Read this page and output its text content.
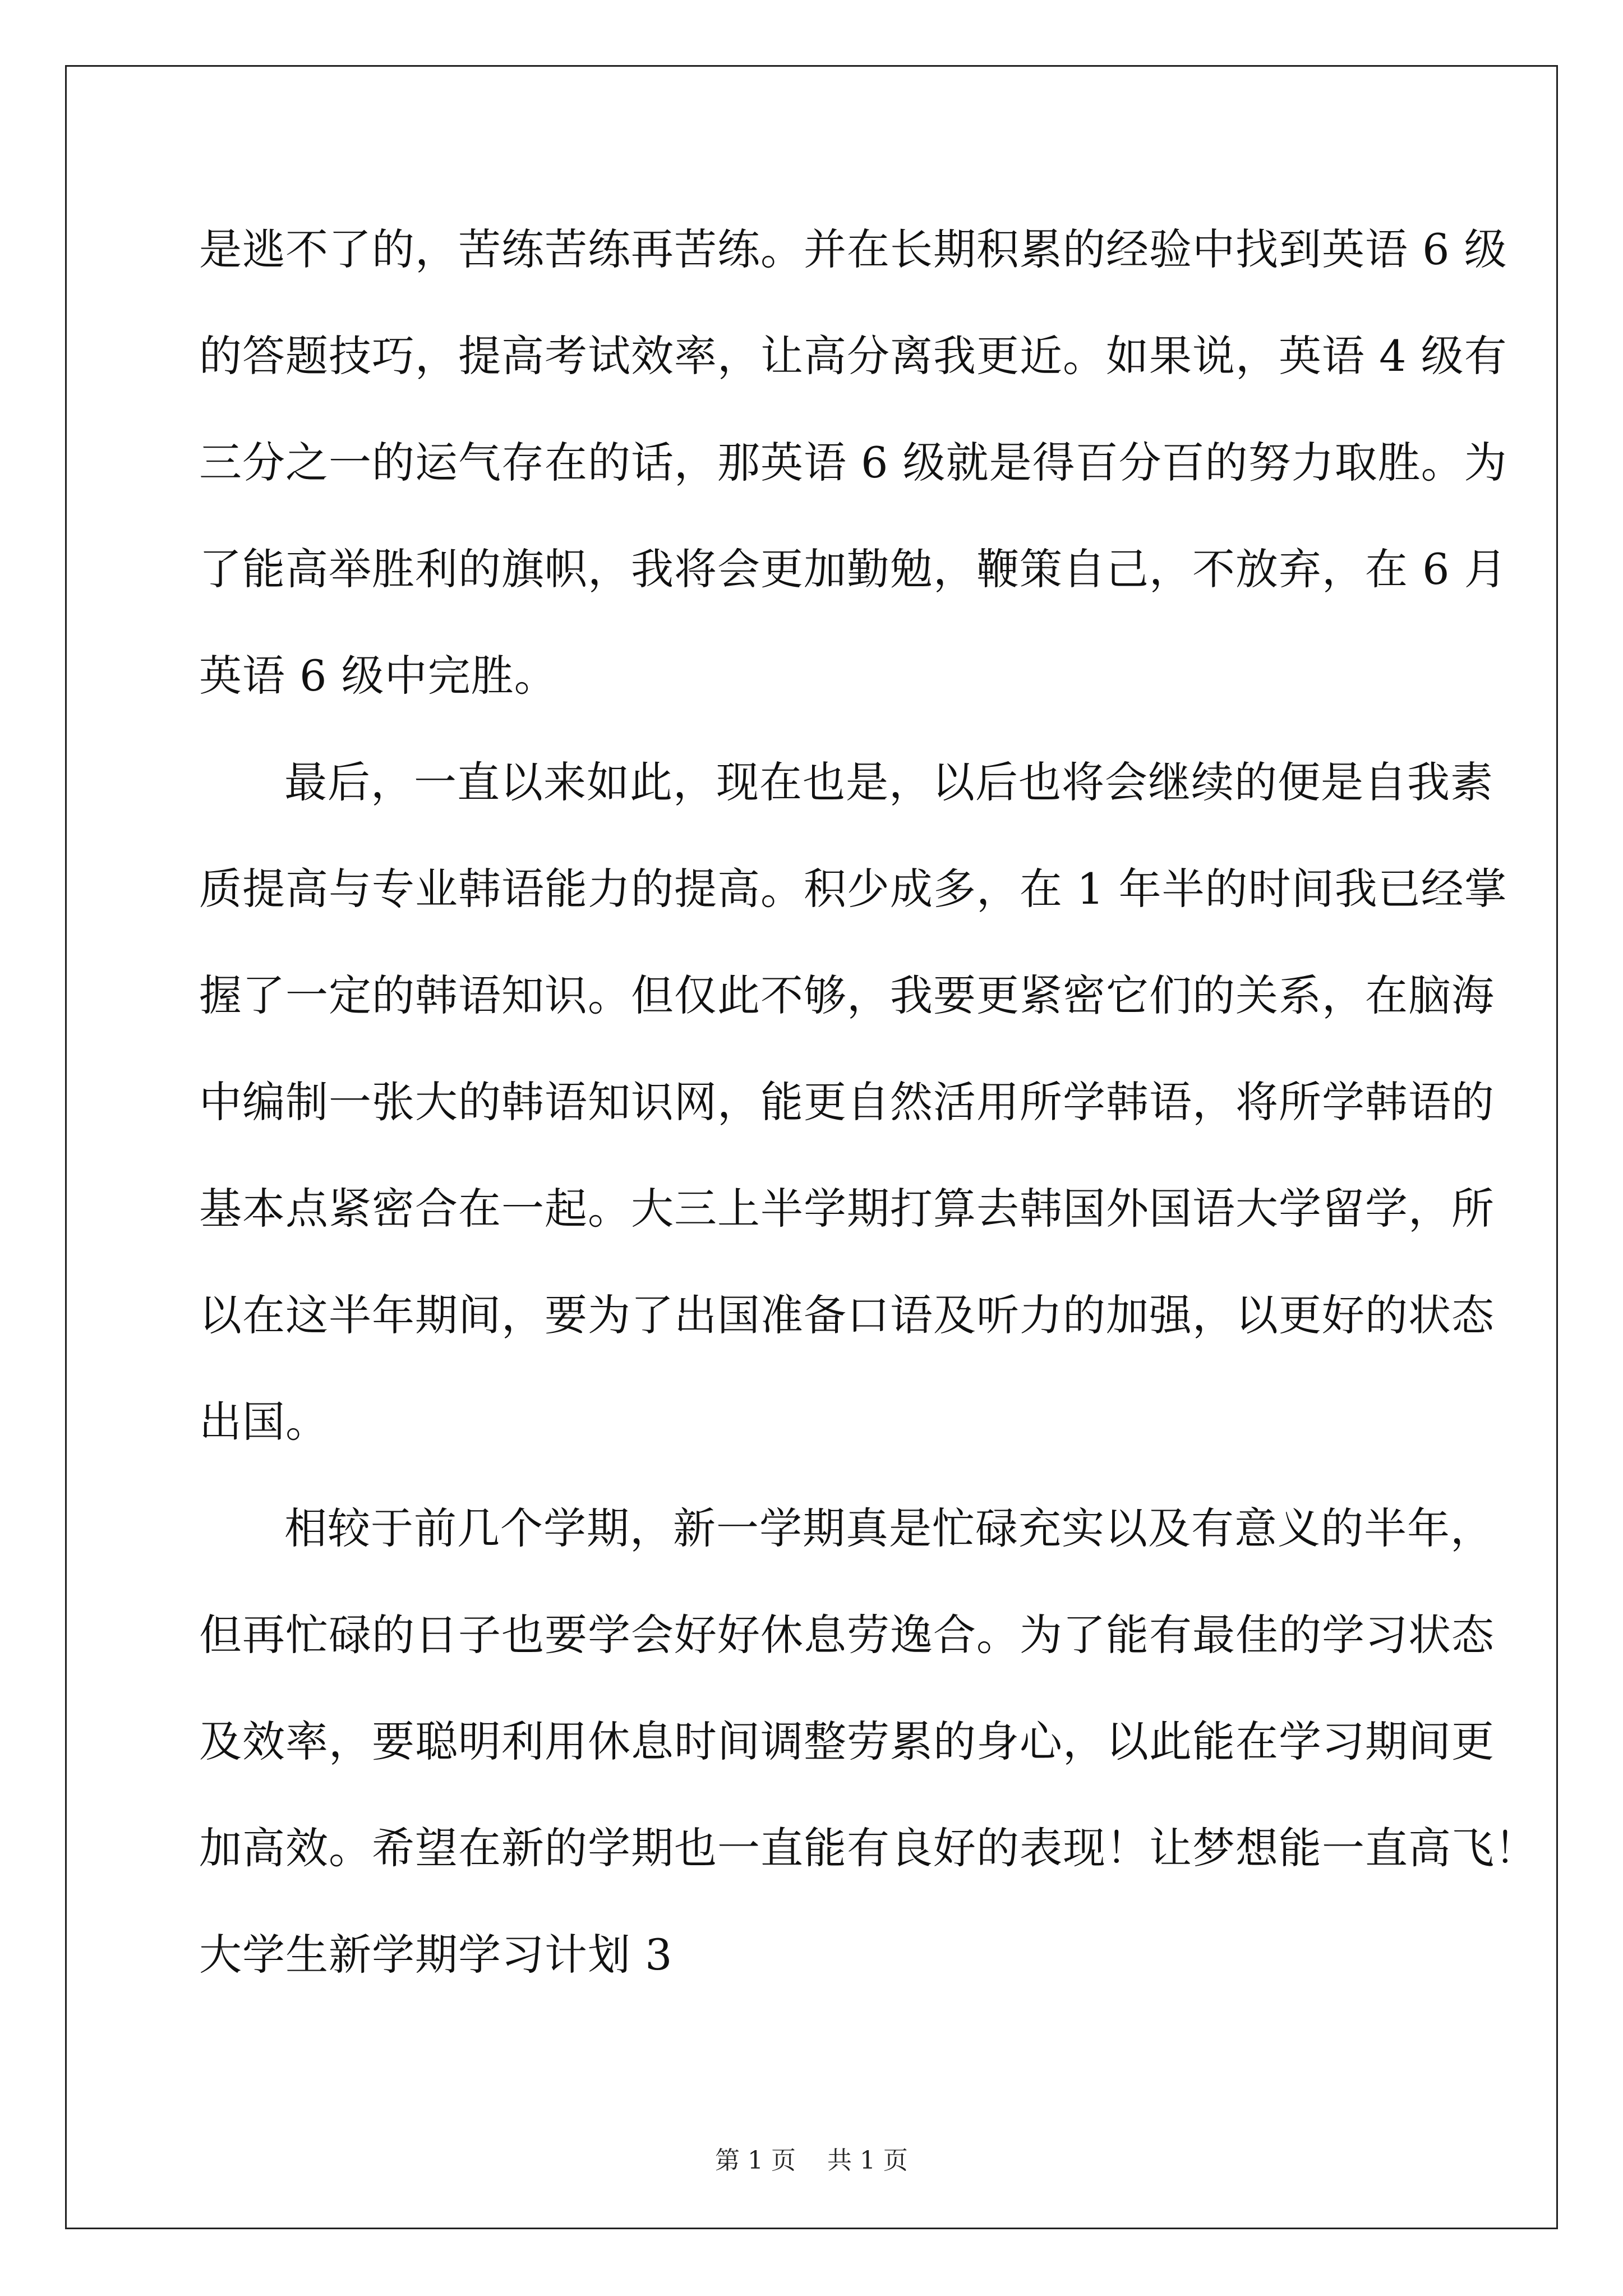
是逃不了的，苦练苦练再苦练。并在长期积累的经验中找到英语 6 级
的答题技巧，提高考试效率，让高分离我更近。如果说，英语 4 级有
三分之一的运气存在的话，那英语 6 级就是得百分百的努力取胜。为
了能高举胜利的旗帜，我将会更加勤勉，鞭策自己，不放弃，在 6 月
英语 6 级中完胜。
最后，一直以来如此，现在也是，以后也将会继续的便是自我素
质提高与专业韩语能力的提高。积少成多，在 1 年半的时间我已经掌
握了一定的韩语知识。但仅此不够，我要更紧密它们的关系，在脑海
中编制一张大的韩语知识网，能更自然活用所学韩语，将所学韩语的
基本点紧密合在一起。大三上半学期打算去韩国外国语大学留学，所
以在这半年期间，要为了出国准备口语及听力的加强，以更好的状态
出国。
相较于前几个学期，新一学期真是忙碌充实以及有意义的半年，
但再忙碌的日子也要学会好好休息劳逸合。为了能有最佳的学习状态
及效率，要聪明利用休息时间调整劳累的身心，以此能在学习期间更
加高效。希望在新的学期也一直能有良好的表现！让梦想能一直高飞！
大学生新学期学习计划 3
第 1 页    共 1 页
